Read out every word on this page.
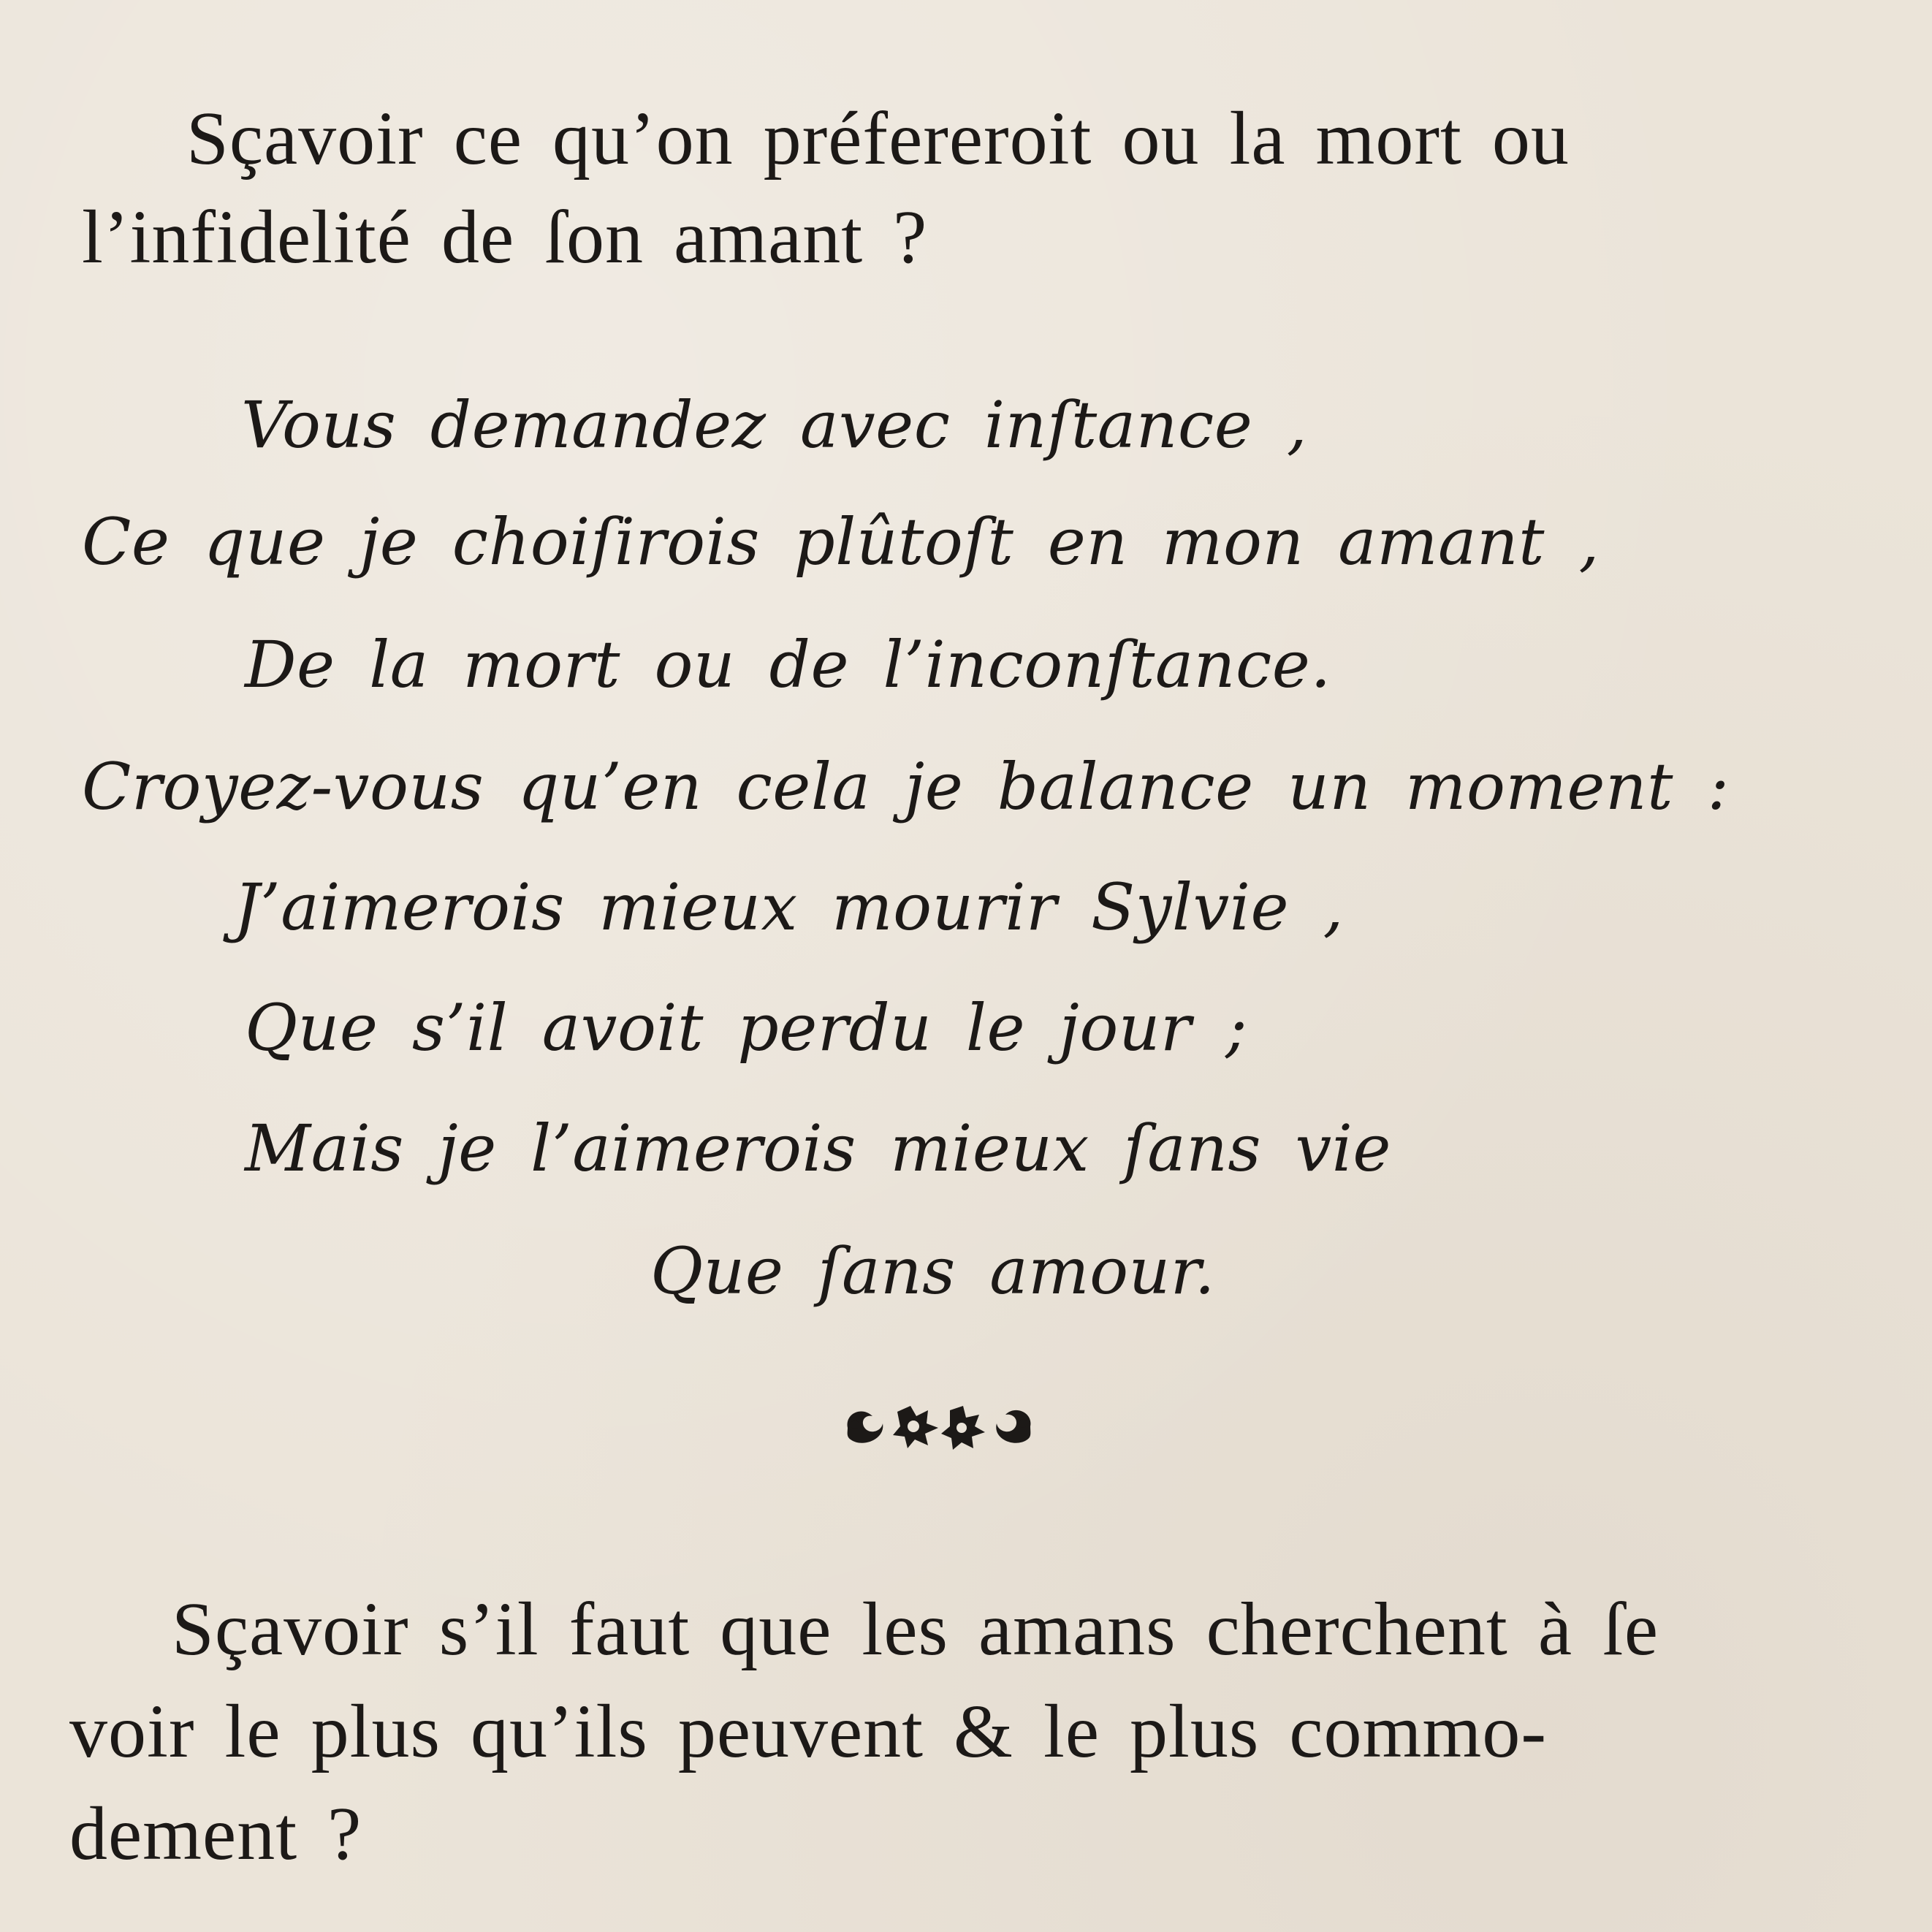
Sçavoir ce qu’on préfereroit ou la mort ou
l’infidelité de ſon amant ?
Vous demandez avec inſtance ,
Ce que je choiſirois plûtoſt en mon amant ,
De la mort ou de l’inconſtance.
Croyez-vous qu’en cela je balance un moment :
J’aimerois mieux mourir Sylvie ,
Que s’il avoit perdu le jour ;
Mais je l’aimerois mieux ſans vie
Que ſans amour.
Sçavoir s’il faut que les amans cherchent à ſe
voir le plus qu’ils peuvent & le plus commo-
dement ?
